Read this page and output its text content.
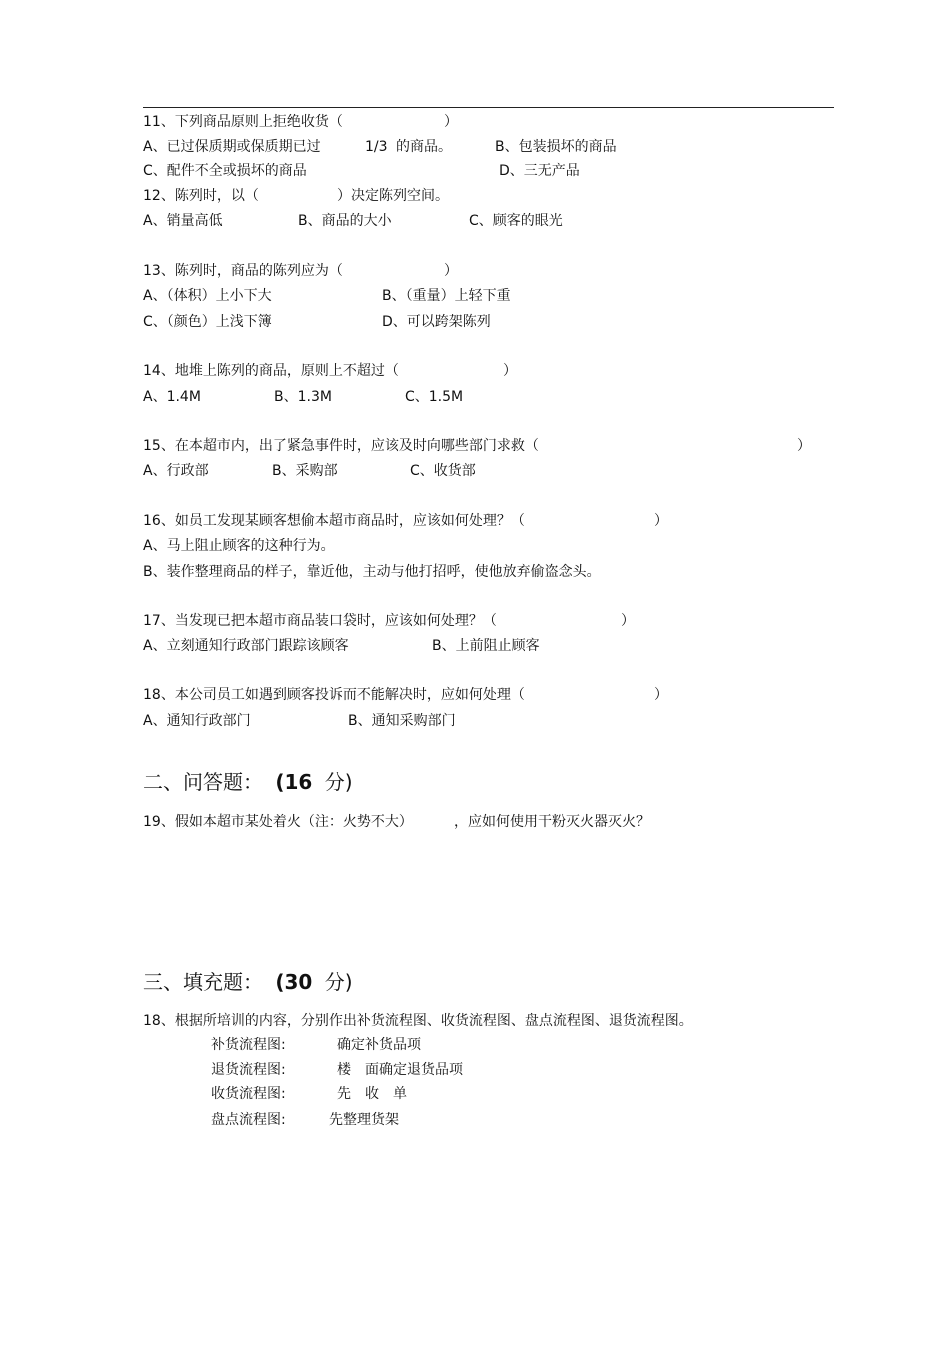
11、下列商品原则上拒绝收货（	）
A、已过保质期或保质期已过	1/3 的商品。	B、包装损坏的商品
C、配件不全或损坏的商品	D、三无产品
12、陈列时，以（	）决定陈列空间。
A、销量高低	B、商品的大小	C、顾客的眼光
13、陈列时，商品的陈列应为（	）
A、（体积）上小下大	B、（重量）上轻下重
C、（颜色）上浅下簿	D、可以跨架陈列
14、地堆上陈列的商品，原则上不超过（	）
A、1.4M	B、1.3M	C、1.5M
15、在本超市内，出了紧急事件时，应该及时向哪些部门求救（	）
A、行政部	B、采购部	C、收货部
16、如员工发现某顾客想偷本超市商品时，应该如何处理？（	）
A、马上阻止顾客的这种行为。
B、装作整理商品的样子，靠近他，主动与他打招呼，使他放弃偷盗念头。
17、当发现已把本超市商品装口袋时，应该如何处理？（	）
A、立刻通知行政部门跟踪该顾客	B、上前阻止顾客
18、本公司员工如遇到顾客投诉而不能解决时，应如何处理（	）
A、通知行政部门	B、通知采购部门
二、问答题： (16 分)
19、假如本超市某处着火（注：火势不大）	，应如何使用干粉灭火器灭火？
三、填充题： (30 分)
18、根据所培训的内容，分别作出补货流程图、收货流程图、盘点流程图、退货流程图。
补货流程图:	确定补货品项
退货流程图:	楼　面确定退货品项
收货流程图:	先　收　单
盘点流程图:	先整理货架
